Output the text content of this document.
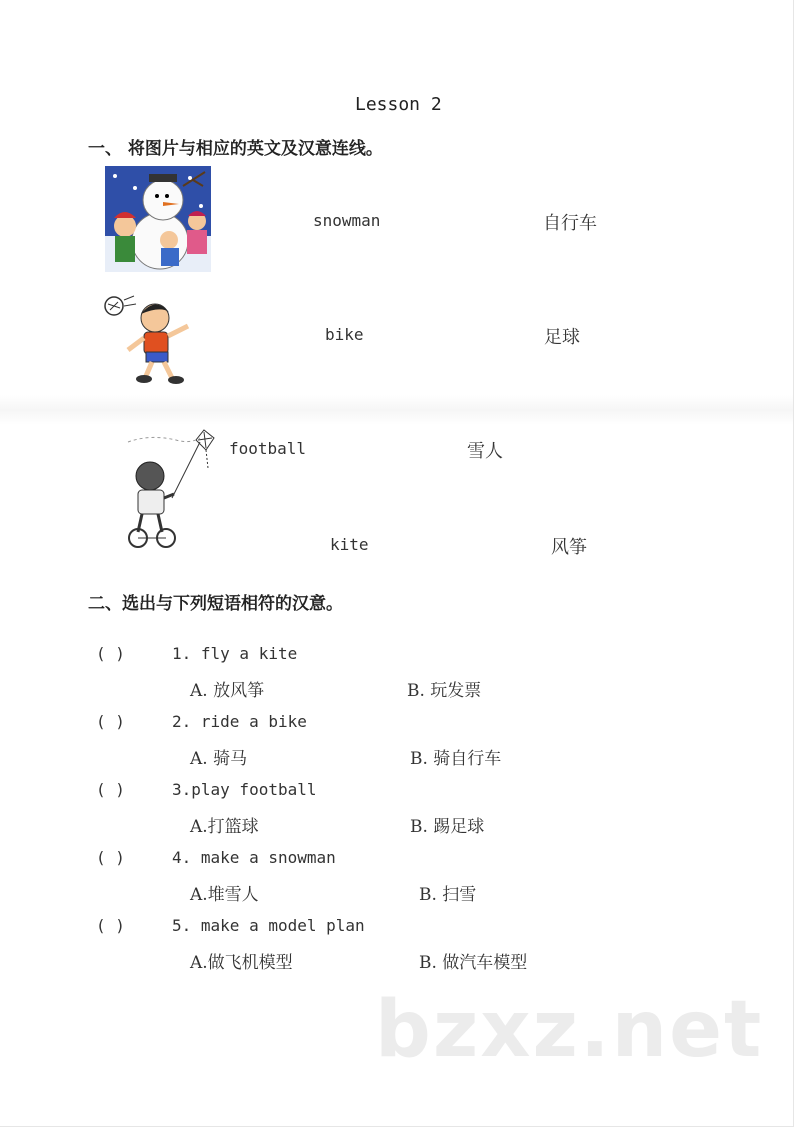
Lesson 2
一、 将图片与相应的英文及汉意连线。
snowman	自行车
bike	足球
football	雪人
kite	风筝
二、选出与下列短语相符的汉意。
( )	1. fly a kite
A. 放风筝	B. 玩发票
( )	2. ride a bike
A. 骑马	B. 骑自行车
( )	3.play football
A.打篮球	B. 踢足球
( )	4. make a snowman
A.堆雪人	B. 扫雪
( )	5. make a model plan
A.做飞机模型	B. 做汽车模型
bzxz.net
